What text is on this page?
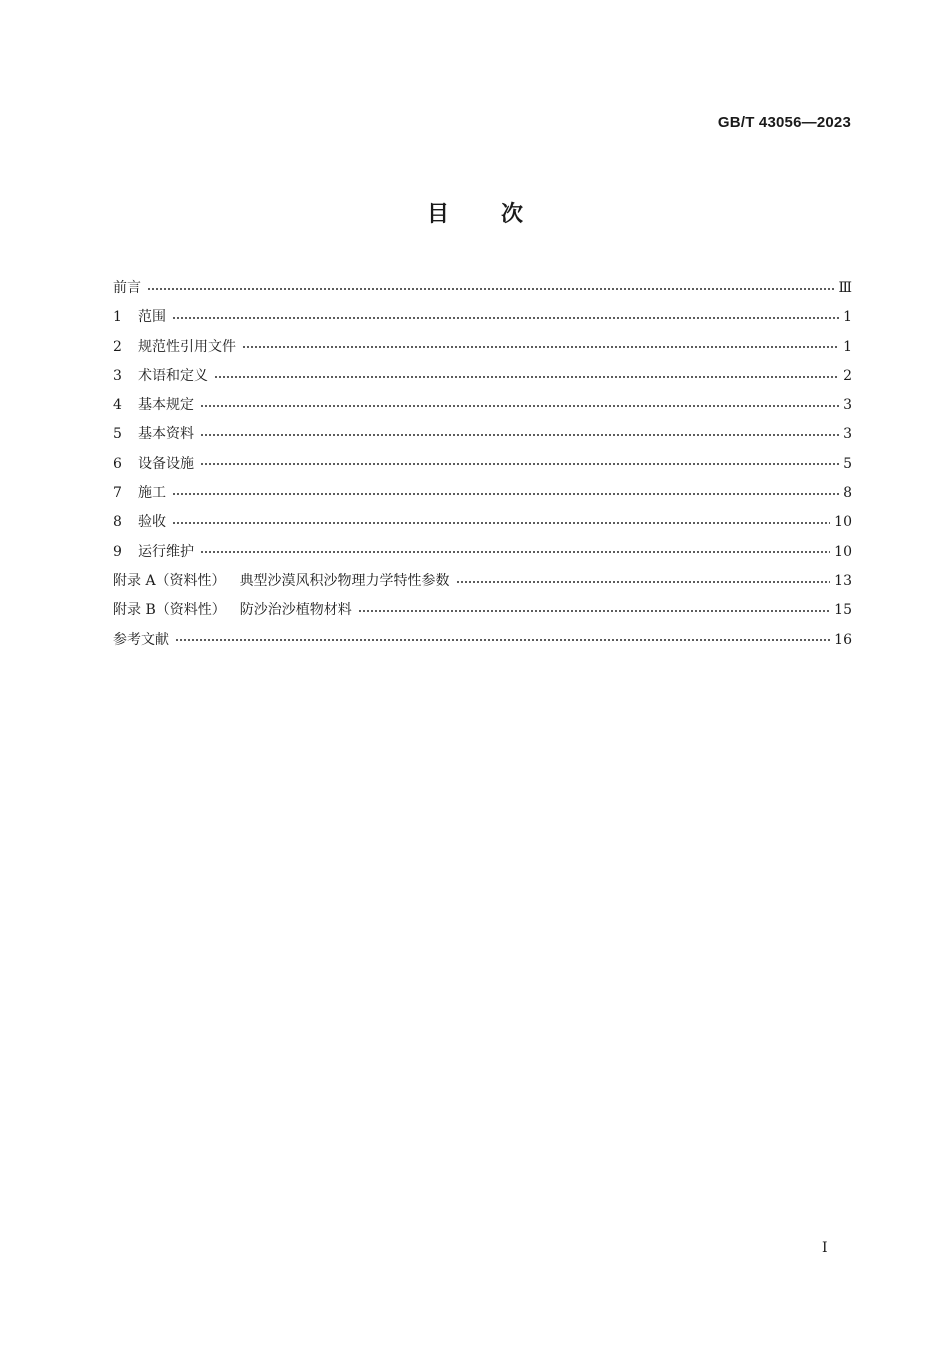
GB/T 43056—2023
目次
前言	Ⅲ
1	范围	1
2	规范性引用文件	1
3	术语和定义	2
4	基本规定	3
5	基本资料	3
6	设备设施	5
7	施工	8
8	验收	10
9	运行维护	10
附录 A（资料性） 典型沙漠风积沙物理力学特性参数	13
附录 B（资料性） 防沙治沙植物材料	15
参考文献	16
I
